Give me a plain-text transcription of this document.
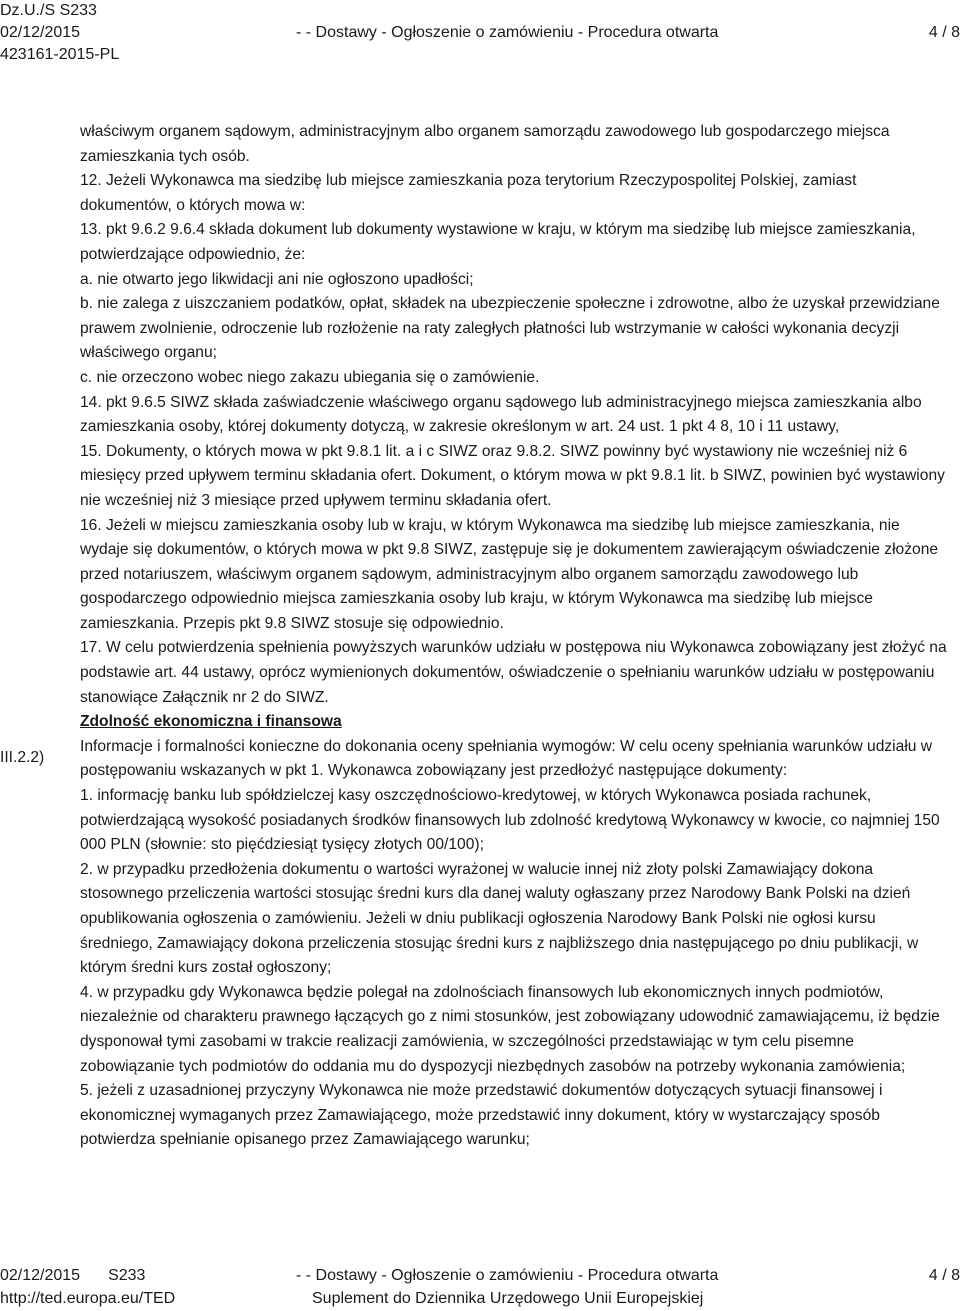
Dz.U./S S233
02/12/2015
423161-2015-PL
- - Dostawy - Ogłoszenie o zamówieniu - Procedura otwarta	4 / 8
III.2.2)

właściwym organem sądowym, administracyjnym albo organem samorządu zawodowego lub gospodarczego miejsca zamieszkania tych osób.

12. Jeżeli Wykonawca ma siedzibę lub miejsce zamieszkania poza terytorium Rzeczypospolitej Polskiej, zamiast dokumentów, o których mowa w:

13. pkt 9.6.2 9.6.4 składa dokument lub dokumenty wystawione w kraju, w którym ma siedzibę lub miejsce zamieszkania, potwierdzające odpowiednio, że:

a. nie otwarto jego likwidacji ani nie ogłoszono upadłości;

b. nie zalega z uiszczaniem podatków, opłat, składek na ubezpieczenie społeczne i zdrowotne, albo że uzyskał przewidziane prawem zwolnienie, odroczenie lub rozłożenie na raty zaległych płatności lub wstrzymanie w całości wykonania decyzji właściwego organu;

c. nie orzeczono wobec niego zakazu ubiegania się o zamówienie.

14. pkt 9.6.5 SIWZ składa zaświadczenie właściwego organu sądowego lub administracyjnego miejsca zamieszkania albo zamieszkania osoby, której dokumenty dotyczą, w zakresie określonym w art. 24 ust. 1 pkt 4 8, 10 i 11 ustawy,

15. Dokumenty, o których mowa w pkt 9.8.1 lit. a i c SIWZ oraz 9.8.2. SIWZ powinny być wystawiony nie wcześniej niż 6 miesięcy przed upływem terminu składania ofert. Dokument, o którym mowa w pkt 9.8.1 lit. b SIWZ, powinien być wystawiony nie wcześniej niż 3 miesiące przed upływem terminu składania ofert.

16. Jeżeli w miejscu zamieszkania osoby lub w kraju, w którym Wykonawca ma siedzibę lub miejsce zamieszkania, nie wydaje się dokumentów, o których mowa w pkt 9.8 SIWZ, zastępuje się je dokumentem zawierającym oświadczenie złożone przed notariuszem, właściwym organem sądowym, administracyjnym albo organem samorządu zawodowego lub gospodarczego odpowiednio miejsca zamieszkania osoby lub kraju, w którym Wykonawca ma siedzibę lub miejsce zamieszkania. Przepis pkt 9.8 SIWZ stosuje się odpowiednio.

17. W celu potwierdzenia spełnienia powyższych warunków udziału w postępowa niu Wykonawca zobowiązany jest złożyć na podstawie art. 44 ustawy, oprócz wymienionych dokumentów, oświadczenie o spełnianiu warunków udziału w postępowaniu stanowiące Załącznik nr 2 do SIWZ.

Zdolność ekonomiczna i finansowa

Informacje i formalności konieczne do dokonania oceny spełniania wymogów: W celu oceny spełniania warunków udziału w postępowaniu wskazanych w pkt 1. Wykonawca zobowiązany jest przedłożyć następujące dokumenty:

1. informację banku lub spółdzielczej kasy oszczędnościowo-kredytowej, w których Wykonawca posiada rachunek, potwierdzającą wysokość posiadanych środków finansowych lub zdolność kredytową Wykonawcy w kwocie, co najmniej 150 000 PLN (słownie: sto pięćdziesiąt tysięcy złotych 00/100);

2. w przypadku przedłożenia dokumentu o wartości wyrażonej w walucie innej niż złoty polski Zamawiający dokona stosownego przeliczenia wartości stosując średni kurs dla danej waluty ogłaszany przez Narodowy Bank Polski na dzień opublikowania ogłoszenia o zamówieniu. Jeżeli w dniu publikacji ogłoszenia Narodowy Bank Polski nie ogłosi kursu średniego, Zamawiający dokona przeliczenia stosując średni kurs z najbliższego dnia następującego po dniu publikacji, w którym średni kurs został ogłoszony;

4. w przypadku gdy Wykonawca będzie polegał na zdolnościach finansowych lub ekonomicznych innych podmiotów, niezależnie od charakteru prawnego łączących go z nimi stosunków, jest zobowiązany udowodnić zamawiającemu, iż będzie dysponował tymi zasobami w trakcie realizacji zamówienia, w szczególności przedstawiając w tym celu pisemne zobowiązanie tych podmiotów do oddania mu do dyspozycji niezbędnych zasobów na potrzeby wykonania zamówienia;

5. jeżeli z uzasadnionej przyczyny Wykonawca nie może przedstawić dokumentów dotyczących sytuacji finansowej i ekonomicznej wymaganych przez Zamawiającego, może przedstawić inny dokument, który w wystarczający sposób potwierdza spełnianie opisanego przez Zamawiającego warunku;

02/12/2015 S233
http://ted.europa.eu/TED
- - Dostawy - Ogłoszenie o zamówieniu - Procedura otwarta
Suplement do Dziennika Urzędowego Unii Europejskiej
4 / 8
